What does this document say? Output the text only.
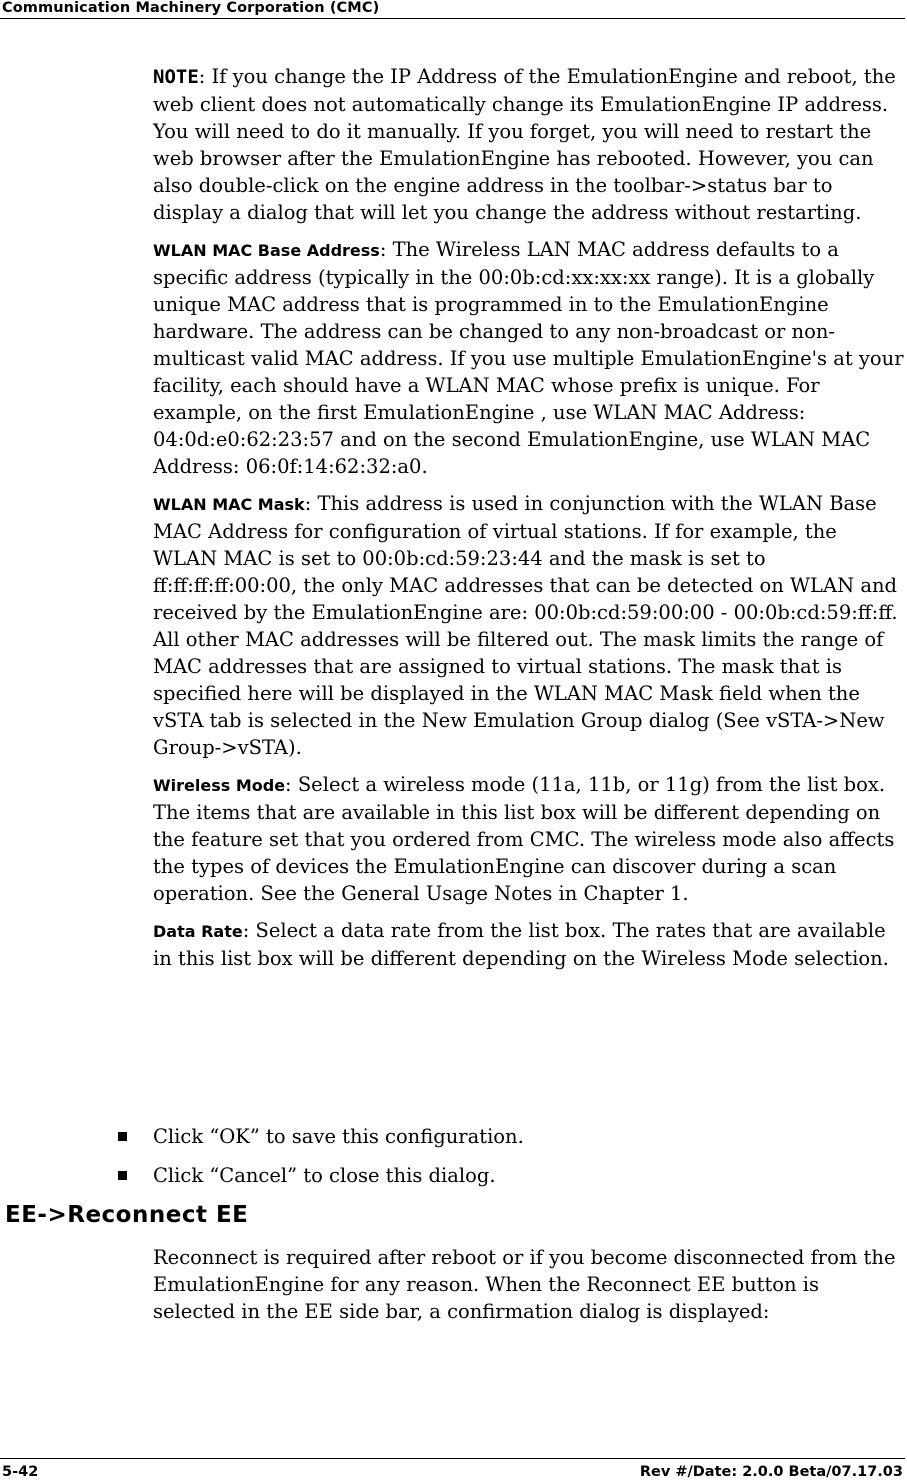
Communication Machinery Corporation (CMC)

NOTE: If you change the IP Address of the EmulationEngine and reboot, the web client does not automatically change its EmulationEngine IP address. You will need to do it manually. If you forget, you will need to restart the web browser after the EmulationEngine has rebooted. However, you can also double-click on the engine address in the toolbar->status bar to display a dialog that will let you change the address without restarting.

WLAN MAC Base Address: The Wireless LAN MAC address defaults to a specific address (typically in the 00:0b:cd:xx:xx:xx range). It is a globally unique MAC address that is programmed in to the EmulationEngine hardware. The address can be changed to any non-broadcast or non-multicast valid MAC address. If you use multiple EmulationEngine's at your facility, each should have a WLAN MAC whose prefix is unique. For example, on the first EmulationEngine , use WLAN MAC Address: 04:0d:e0:62:23:57 and on the second EmulationEngine, use WLAN MAC Address: 06:0f:14:62:32:a0.

WLAN MAC Mask: This address is used in conjunction with the WLAN Base MAC Address for configuration of virtual stations. If for example, the WLAN MAC is set to 00:0b:cd:59:23:44 and the mask is set to ff:ff:ff:ff:00:00, the only MAC addresses that can be detected on WLAN and received by the EmulationEngine are: 00:0b:cd:59:00:00 - 00:0b:cd:59:ff:ff. All other MAC addresses will be filtered out. The mask limits the range of MAC addresses that are assigned to virtual stations. The mask that is specified here will be displayed in the WLAN MAC Mask field when the vSTA tab is selected in the New Emulation Group dialog (See vSTA->New Group->vSTA).

Wireless Mode: Select a wireless mode (11a, 11b, or 11g) from the list box. The items that are available in this list box will be different depending on the feature set that you ordered from CMC. The wireless mode also affects the types of devices the EmulationEngine can discover during a scan operation. See the General Usage Notes in Chapter 1.

Data Rate: Select a data rate from the list box. The rates that are available in this list box will be different depending on the Wireless Mode selection.

Click “OK” to save this configuration.
Click “Cancel” to close this dialog.
EE->Reconnect EE

Reconnect is required after reboot or if you become disconnected from the EmulationEngine for any reason. When the Reconnect EE button is selected in the EE side bar, a confirmation dialog is displayed:

5-42	Rev #/Date: 2.0.0 Beta/07.17.03
